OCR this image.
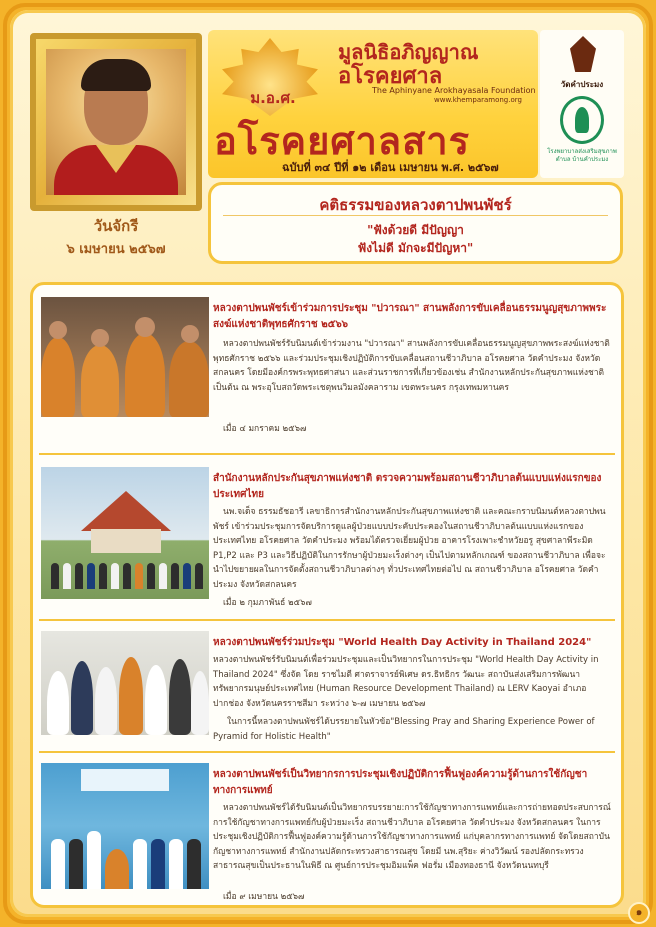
วันจักรี
๖ เมษายน ๒๕๖๗
ม.อ.ศ.
มูลนิธิอภิญญาณ
อโรคยศาล
The Aphinyane Arokhayasala Foundation
www.khemparamong.org
อโรคยศาลสาร
ฉบับที่ ๓๔ ปีที่ ๑๒ เดือน เมษายน พ.ศ. ๒๕๖๗
วัดคำประมง
โรงพยาบาลส่งเสริมสุขภาพตำบล บ้านคำประมง
คติธรรมของหลวงตาปพนพัชร์
"ฟังด้วยดี มีปัญญา
ฟังไม่ดี มักจะมีปัญหา"
หลวงตาปพนพัชร์เข้าร่วมการประชุม "ปวารณา" สานพลังการขับเคลื่อนธรรมนูญสุขภาพพระสงฆ์แห่งชาติพุทธศักราช ๒๕๖๖
หลวงตาปพนพัชร์รับนิมนต์เข้าร่วมงาน "ปวารณา" สานพลังการขับเคลื่อนธรรมนูญสุขภาพพระสงฆ์แห่งชาติพุทธศักราช ๒๕๖๖ และร่วมประชุมเชิงปฏิบัติการขับเคลื่อนสถานชีวาภิบาล อโรคยศาล วัดคำประมง จังหวัดสกลนคร โดยมีองค์กรพระพุทธศาสนา และส่วนราชการที่เกี่ยวข้องเช่น สำนักงานหลักประกันสุขภาพแห่งชาติเป็นต้น ณ พระอุโบสถวัดพระเชตุพนวิมลมังคลาราม เขตพระนคร กรุงเทพมหานคร
เมื่อ ๔ มกราคม ๒๕๖๗
สำนักงานหลักประกันสุขภาพแห่งชาติ ตรวจความพร้อมสถานชีวาภิบาลต้นแบบแห่งแรกของประเทศไทย
นพ.จเด็จ ธรรมธัชอารี เลขาธิการสำนักงานหลักประกันสุขภาพแห่งชาติ และคณะกราบนิมนต์หลวงตาปพนพัชร์ เข้าร่วมประชุมการจัดบริการดูแลผู้ป่วยแบบประคับประคองในสถานชีวาภิบาลต้นแบบแห่งแรกของประเทศไทย อโรคยศาล วัดคำประมง พร้อมได้ตรวจเยี่ยมผู้ป่วย อาคารโรงเพาะชำหวัยอรู สุขศาลาพีระมิด P1,P2 และ P3 และวิธีปฏิบัติในการรักษาผู้ป่วยมะเร็งต่างๆ เป็นไปตามหลักเกณฑ์ ของสถานชีวาภิบาล เพื่อจะนำไปขยายผลในการจัดตั้งสถานชีวาภิบาลต่างๆ ทั่วประเทศไทยต่อไป ณ สถานชีวาภิบาล อโรคยศาล วัดคำประมง จังหวัดสกลนคร
เมื่อ ๒ กุมภาพันธ์ ๒๕๖๗
หลวงตาปพนพัชร์ร่วมประชุม "World Health Day Activity in Thailand 2024"
หลวงตาปพนพัชร์รับนิมนต์เพื่อร่วมประชุมและเป็นวิทยากรในการประชุม "World Health Day Activity in Thailand 2024" ซึ่งจัด โดย ราชไมตี ศาตราจารย์พิเศษ ดร.ธิทธิกร วัฒนะ สถาบันส่งเสริมการพัฒนาทรัพยากรมนุษย์ประเทศไทย (Human Resource Development Thailand) ณ LERV Kaoyai อำเภอปากช่อง จังหวัดนครราชสีมา ระหว่าง ๖-๗ เมษายน ๒๕๖๗
ในการนี้หลวงตาปพนพัชร์ได้บรรยายในหัวข้อ"Blessing Pray and Sharing Experience Power of Pyramid for Holistic Health"
หลวงตาปพนพัชร์เป็นวิทยากรการประชุมเชิงปฏิบัติการฟื้นฟูองค์ความรู้ด้านการใช้กัญชาทางการแพทย์
หลวงตาปพนพัชร์ได้รับนิมนต์เป็นวิทยากรบรรยาย:การใช้กัญชาทางการแพทย์และการถ่ายทอดประสบการณ์การใช้กัญชาทางการแพทย์กับผู้ป่วยมะเร็ง สถานชีวาภิบาล อโรคยศาล วัดคำประมง จังหวัดสกลนคร ในการประชุมเชิงปฏิบัติการฟื้นฟูองค์ความรู้ด้านการใช้กัญชาทางการแพทย์ แก่บุคลากรทางการแพทย์ จัดโดยสถาบันกัญชาทางการแพทย์ สำนักงานปลัดกระทรวงสาธารณสุข โดยมี นพ.สุริยะ ค่างวิวัฒน์ รองปลัดกระทรวงสาธารณสุขเป็นประธานในพิธี ณ ศูนย์การประชุมอิมแพ็ค ฟอรั่ม เมืองทองธานี จังหวัดนนทบุรี
เมื่อ ๙ เมษายน ๒๕๖๗
๑
